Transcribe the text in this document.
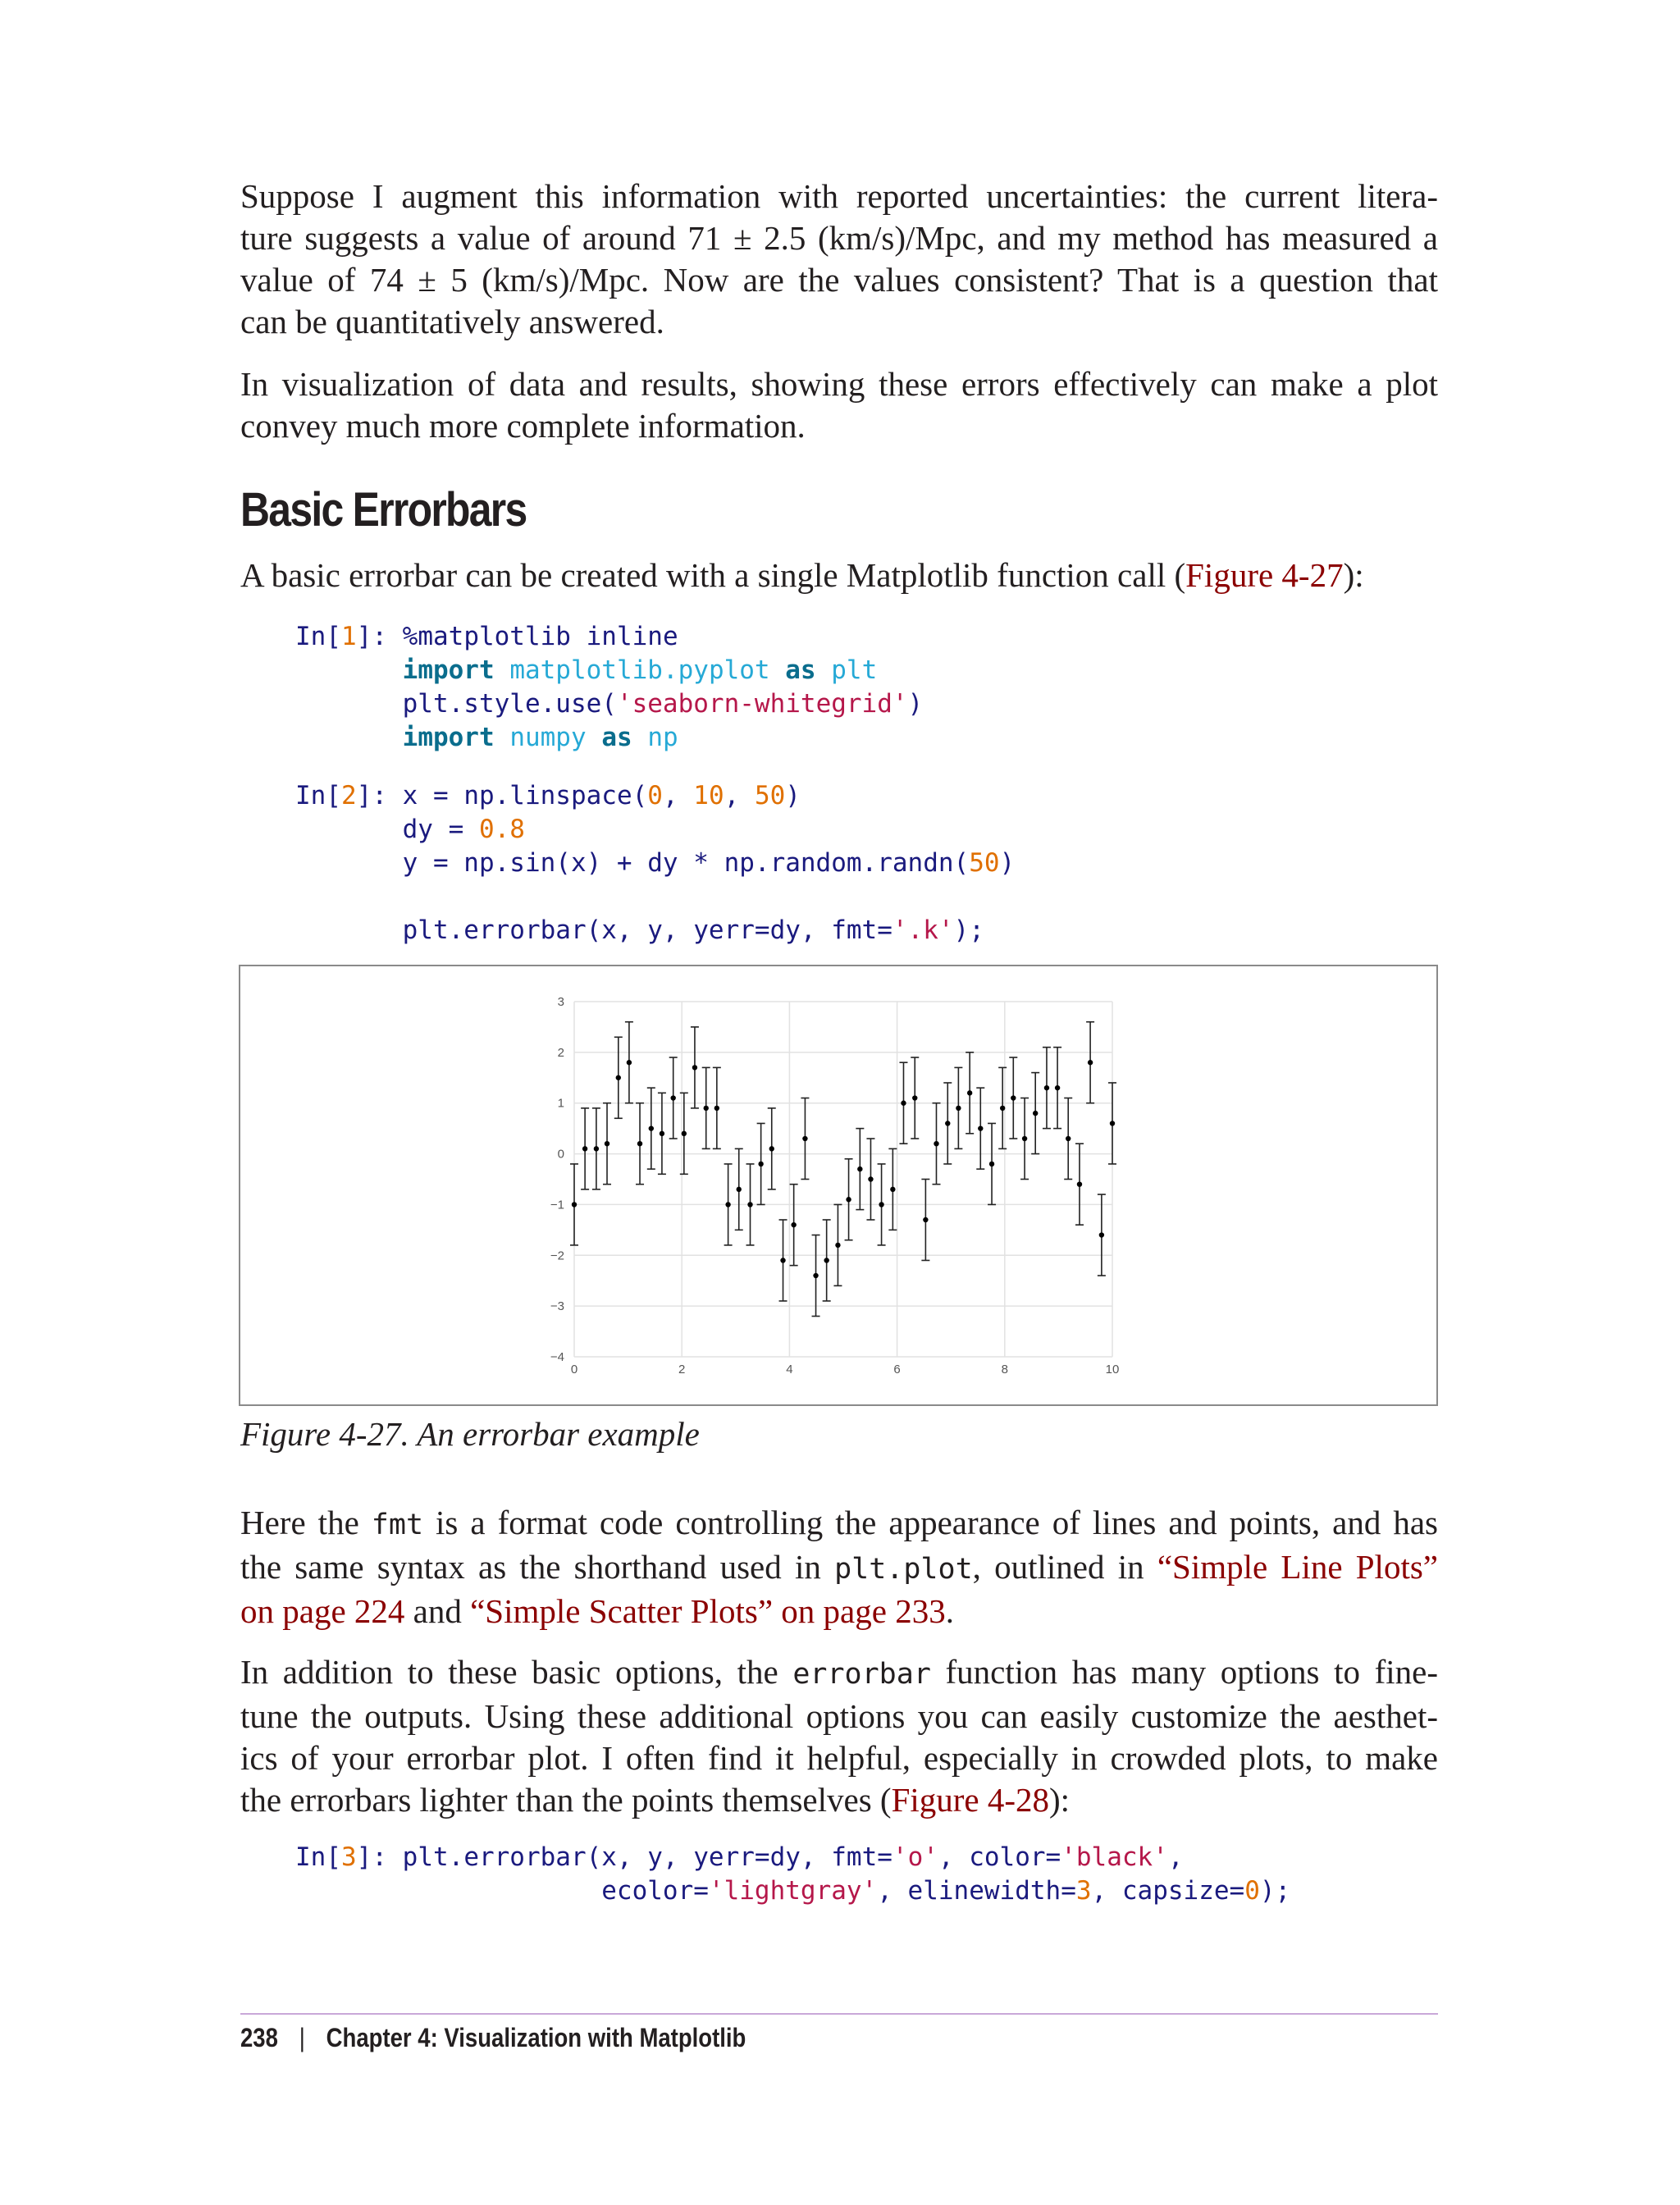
Suppose I augment this information with reported uncertainties: the current litera-
ture suggests a value of around 71 ± 2.5 (km/s)/Mpc, and my method has measured a
value of 74 ± 5 (km/s)/Mpc. Now are the values consistent? That is a question that
can be quantitatively answered.

In visualization of data and results, showing these errors effectively can make a plot
convey much more complete information.

Basic Errorbars

A basic errorbar can be created with a single Matplotlib function call (Figure 4-27):

In[1]: %matplotlib inline
import matplotlib.pyplot as plt
plt.style.use('seaborn-whitegrid')
import numpy as np
In[2]: x = np.linspace(0, 10, 50)
dy = 0.8
y = np.sin(x) + dy * np.random.randn(50)

plt.errorbar(x, y, yerr=dy, fmt='.k');
0	2	4	6	8	10
3
2
1
0
−1
−2
−3
−4

Figure 4-27. An errorbar example

Here the fmt is a format code controlling the appearance of lines and points, and has
the same syntax as the shorthand used in plt.plot, outlined in “Simple Line Plots”
on page 224 and “Simple Scatter Plots” on page 233.

In addition to these basic options, the errorbar function has many options to fine-
tune the outputs. Using these additional options you can easily customize the aesthet-
ics of your errorbar plot. I often find it helpful, especially in crowded plots, to make
the errorbars lighter than the points themselves (Figure 4-28):

In[3]: plt.errorbar(x, y, yerr=dy, fmt='o', color='black',
ecolor='lightgray', elinewidth=3, capsize=0);

238 | Chapter 4: Visualization with Matplotlib
